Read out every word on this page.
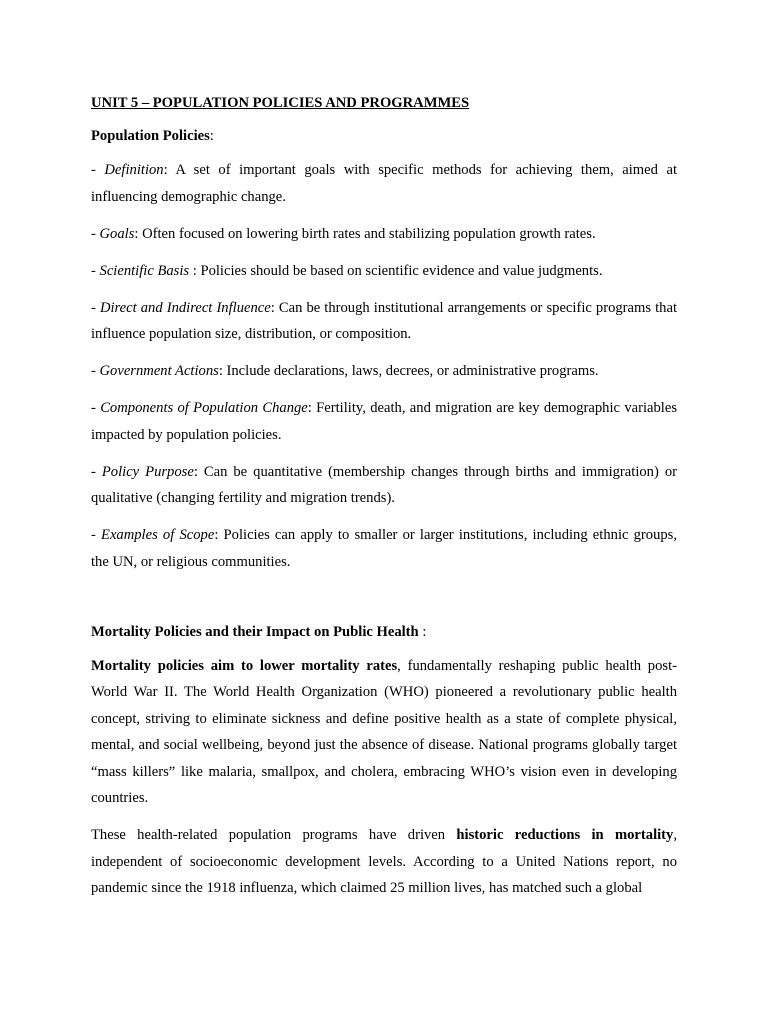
UNIT 5 – POPULATION POLICIES AND PROGRAMMES
Population Policies:
- Definition: A set of important goals with specific methods for achieving them, aimed at influencing demographic change.
- Goals: Often focused on lowering birth rates and stabilizing population growth rates.
- Scientific Basis : Policies should be based on scientific evidence and value judgments.
- Direct and Indirect Influence: Can be through institutional arrangements or specific programs that influence population size, distribution, or composition.
- Government Actions: Include declarations, laws, decrees, or administrative programs.
- Components of Population Change: Fertility, death, and migration are key demographic variables impacted by population policies.
- Policy Purpose: Can be quantitative (membership changes through births and immigration) or qualitative (changing fertility and migration trends).
- Examples of Scope: Policies can apply to smaller or larger institutions, including ethnic groups, the UN, or religious communities.
Mortality Policies and their Impact on Public Health :
Mortality policies aim to lower mortality rates, fundamentally reshaping public health post-World War II. The World Health Organization (WHO) pioneered a revolutionary public health concept, striving to eliminate sickness and define positive health as a state of complete physical, mental, and social wellbeing, beyond just the absence of disease. National programs globally target “mass killers” like malaria, smallpox, and cholera, embracing WHO’s vision even in developing countries.
These health-related population programs have driven historic reductions in mortality, independent of socioeconomic development levels. According to a United Nations report, no pandemic since the 1918 influenza, which claimed 25 million lives, has matched such a global
